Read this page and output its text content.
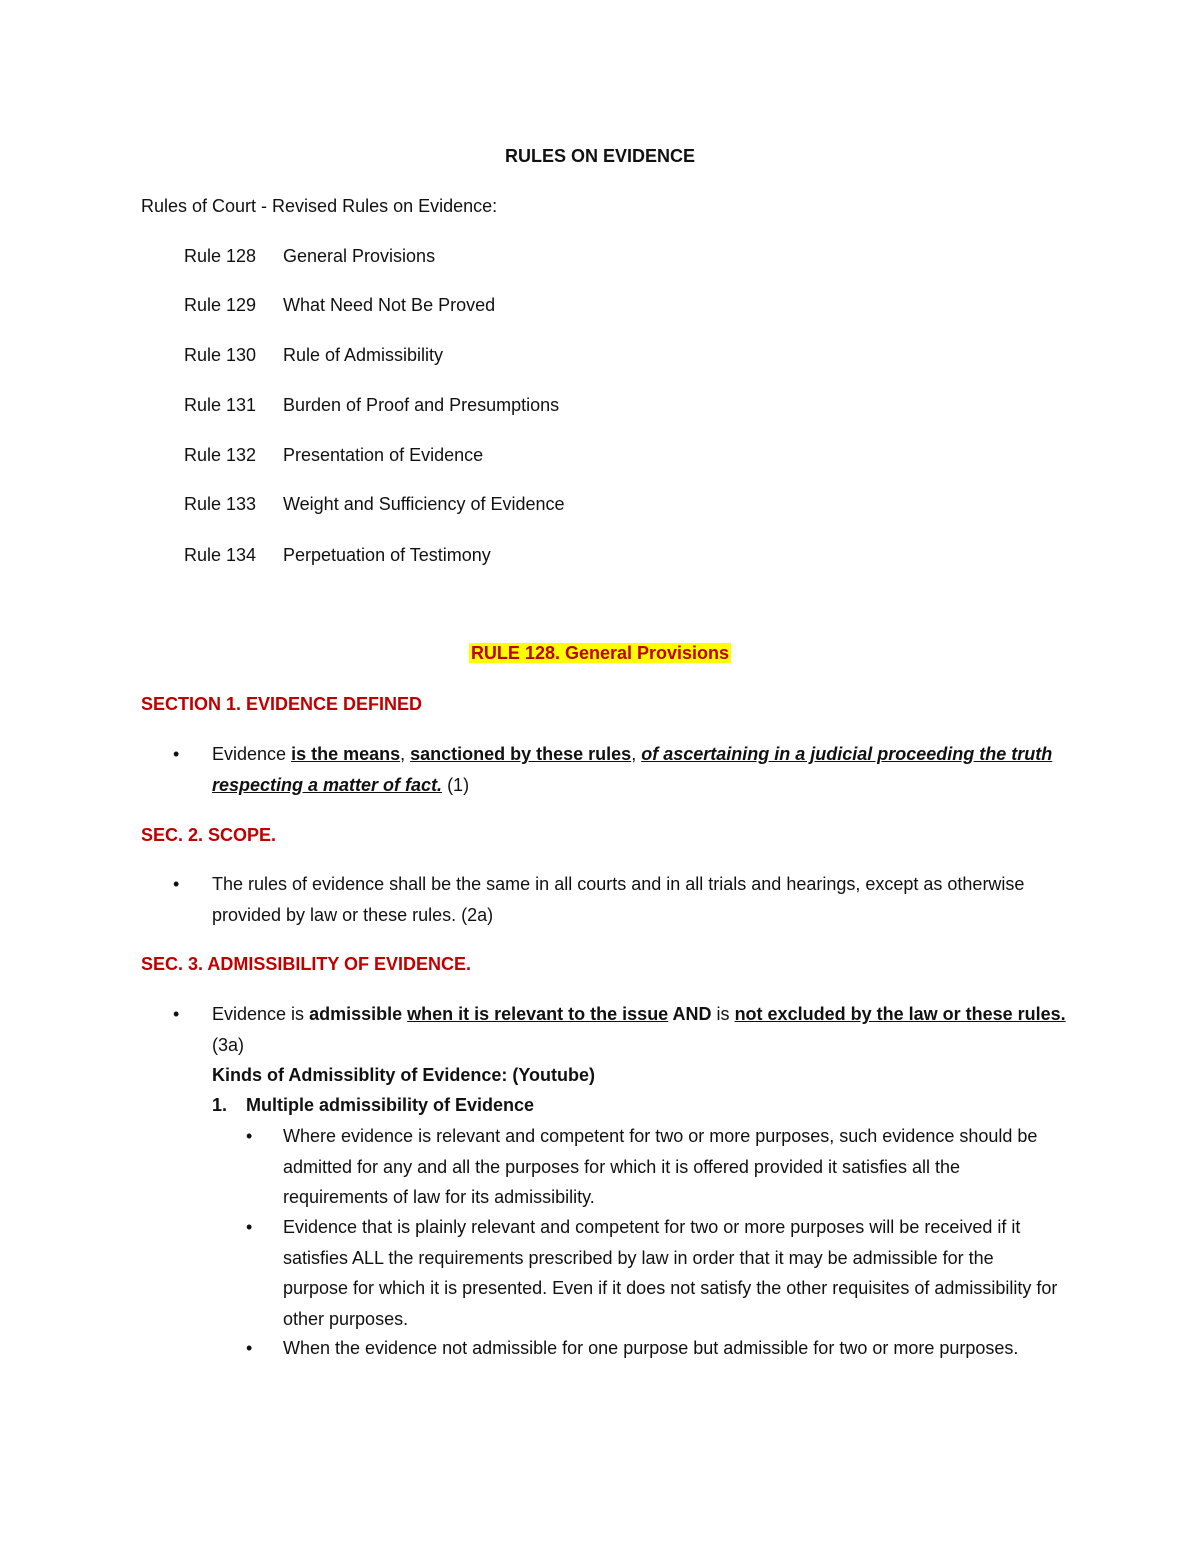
RULES ON EVIDENCE
Rules of Court - Revised Rules on Evidence:
Rule 128 General Provisions
Rule 129 What Need Not Be Proved
Rule 130 Rule of Admissibility
Rule 131 Burden of Proof and Presumptions
Rule 132 Presentation of Evidence
Rule 133 Weight and Sufficiency of Evidence
Rule 134 Perpetuation of Testimony
RULE 128. General Provisions
SECTION 1. EVIDENCE DEFINED
• Evidence is the means, sanctioned by these rules, of ascertaining in a judicial proceeding the truth respecting a matter of fact. (1)
SEC. 2. SCOPE.
• The rules of evidence shall be the same in all courts and in all trials and hearings, except as otherwise provided by law or these rules. (2a)
SEC. 3. ADMISSIBILITY OF EVIDENCE.
• Evidence is admissible when it is relevant to the issue AND is not excluded by the law or these rules. (3a)
Kinds of Admissiblity of Evidence: (Youtube)
1. Multiple admissibility of Evidence
• Where evidence is relevant and competent for two or more purposes, such evidence should be admitted for any and all the purposes for which it is offered provided it satisfies all the requirements of law for its admissibility.
• Evidence that is plainly relevant and competent for two or more purposes will be received if it satisfies ALL the requirements prescribed by law in order that it may be admissible for the purpose for which it is presented. Even if it does not satisfy the other requisites of admissibility for other purposes.
• When the evidence not admissible for one purpose but admissible for two or more purposes.
